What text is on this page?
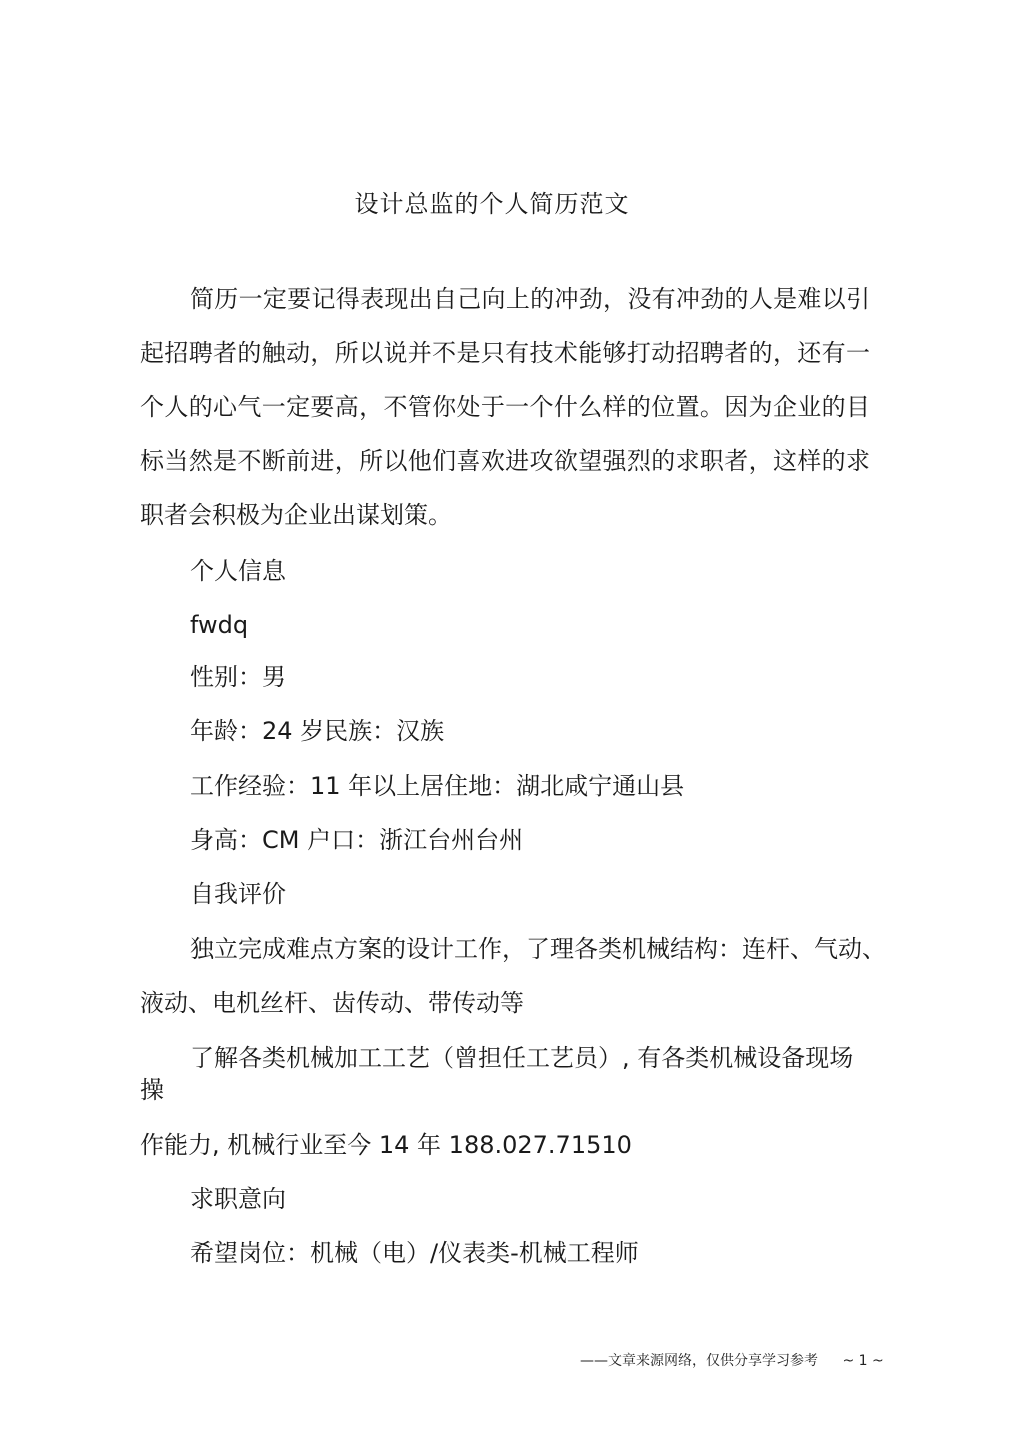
设计总监的个人简历范文

简历一定要记得表现出自己向上的冲劲，没有冲劲的人是难以引起招聘者的触动，所以说并不是只有技术能够打动招聘者的，还有一个人的心气一定要高，不管你处于一个什么样的位置。因为企业的目标当然是不断前进，所以他们喜欢进攻欲望强烈的求职者，这样的求职者会积极为企业出谋划策。

个人信息

fwdq

性别：男

年龄：24 岁民族：汉族

工作经验：11 年以上居住地：湖北咸宁通山县

身高：CM 户口：浙江台州台州

自我评价

独立完成难点方案的设计工作，了理各类机械结构：连杆、气动、

液动、电机丝杆、齿传动、带传动等

了解各类机械加工工艺（曾担任工艺员）, 有各类机械设备现场

操

作能力, 机械行业至今 14 年 188.027.71510

求职意向

希望岗位：机械（电）/仪表类-机械工程师

——文章来源网络，仅供分享学习参考 ~ 1 ~
